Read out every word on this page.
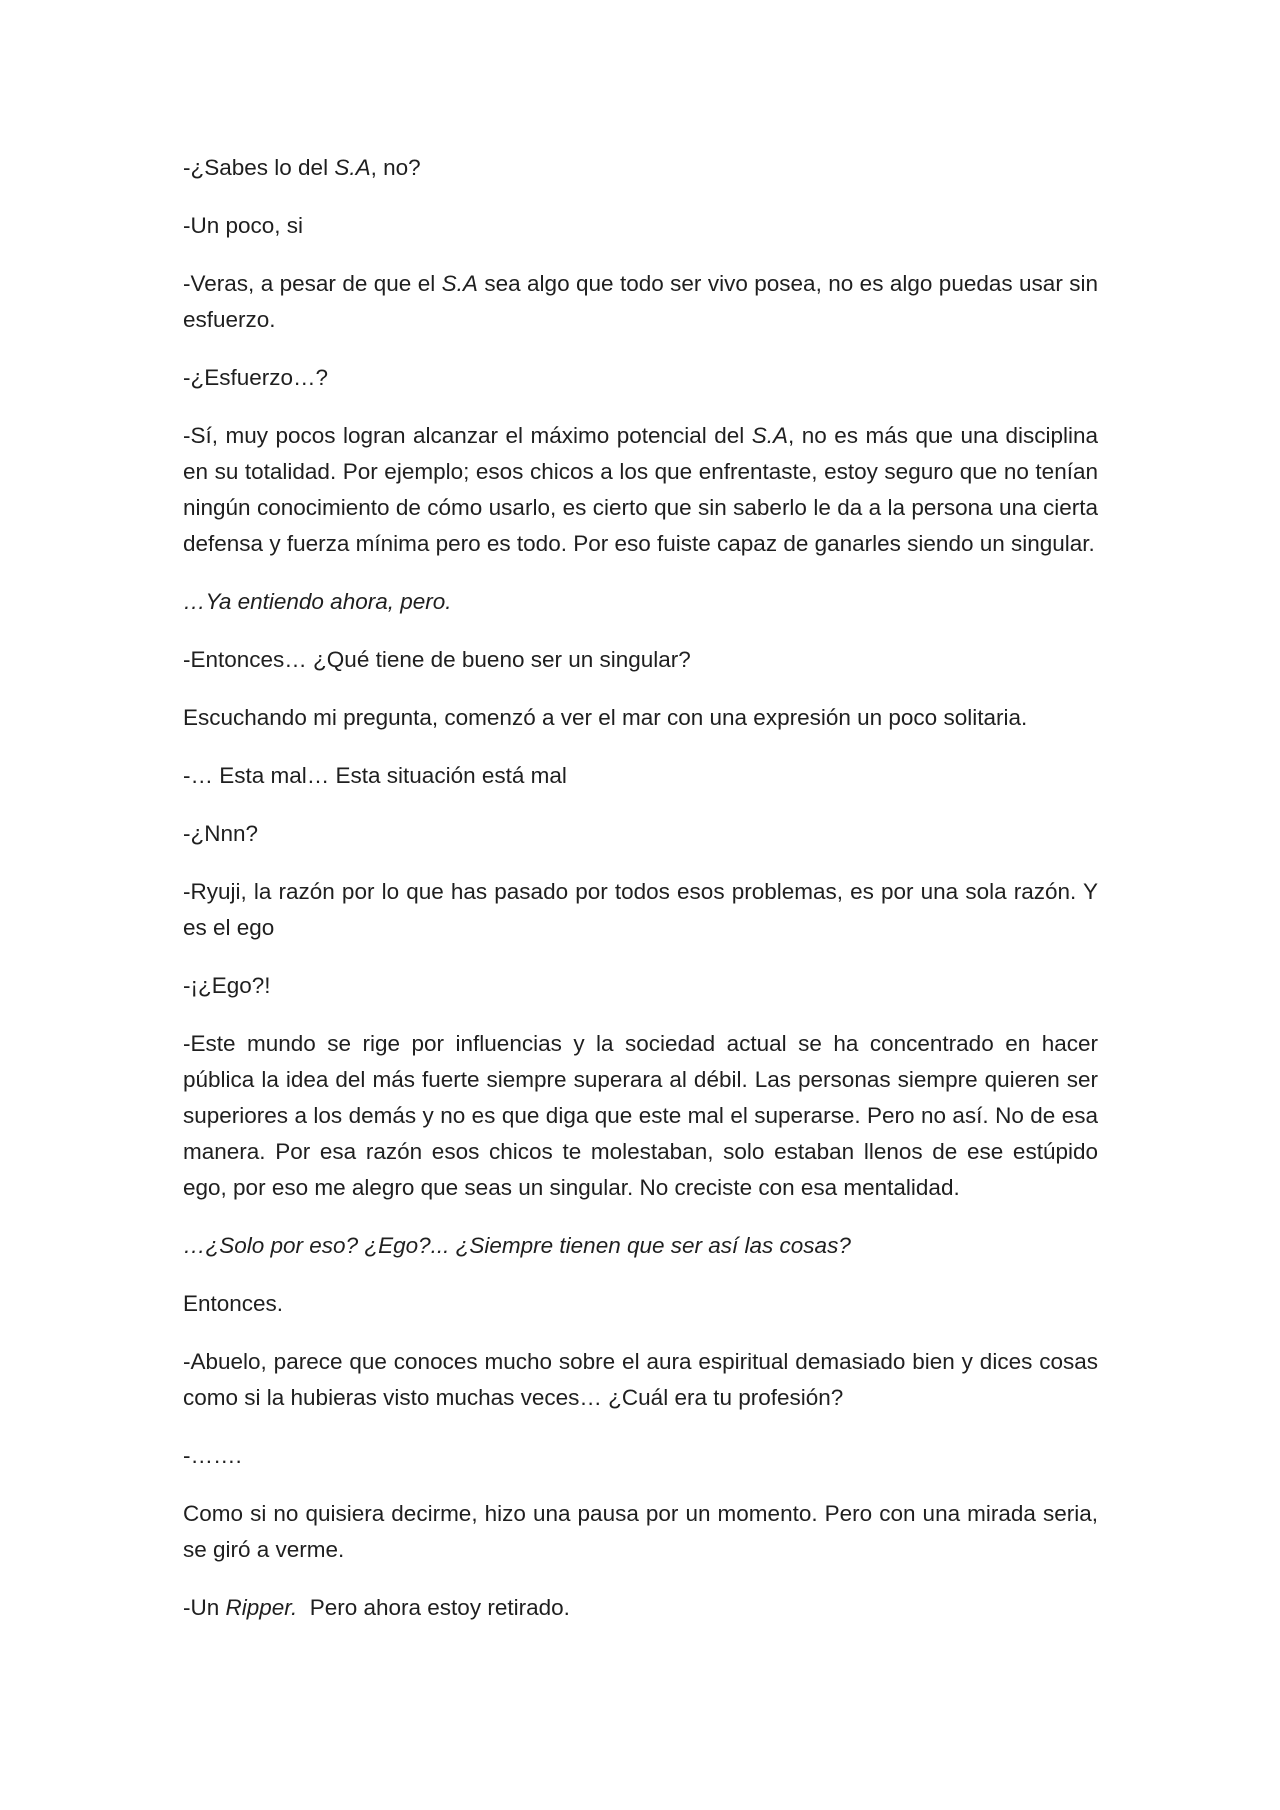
-¿Sabes lo del S.A, no?

-Un poco, si

-Veras, a pesar de que el S.A sea algo que todo ser vivo posea, no es algo puedas usar sin esfuerzo.

-¿Esfuerzo…?

-Sí, muy pocos logran alcanzar el máximo potencial del S.A, no es más que una disciplina en su totalidad. Por ejemplo; esos chicos a los que enfrentaste, estoy seguro que no tenían ningún conocimiento de cómo usarlo, es cierto que sin saberlo le da a la persona una cierta defensa y fuerza mínima pero es todo. Por eso fuiste capaz de ganarles siendo un singular.

…Ya entiendo ahora, pero.

-Entonces… ¿Qué tiene de bueno ser un singular?

Escuchando mi pregunta, comenzó a ver el mar con una expresión un poco solitaria.

-… Esta mal… Esta situación está mal

-¿Nnn?

-Ryuji, la razón por lo que has pasado por todos esos problemas, es por una sola razón. Y es el ego

-¡¿Ego?!

-Este mundo se rige por influencias y la sociedad actual se ha concentrado en hacer pública la idea del más fuerte siempre superara al débil. Las personas siempre quieren ser superiores a los demás y no es que diga que este mal el superarse. Pero no así. No de esa manera. Por esa razón esos chicos te molestaban, solo estaban llenos de ese estúpido ego, por eso me alegro que seas un singular. No creciste con esa mentalidad.

…¿Solo por eso? ¿Ego?... ¿Siempre tienen que ser así las cosas?

Entonces.

-Abuelo, parece que conoces mucho sobre el aura espiritual demasiado bien y dices cosas como si la hubieras visto muchas veces… ¿Cuál era tu profesión?

-…….

Como si no quisiera decirme, hizo una pausa por un momento. Pero con una mirada seria, se giró a verme.

-Un Ripper.  Pero ahora estoy retirado.
